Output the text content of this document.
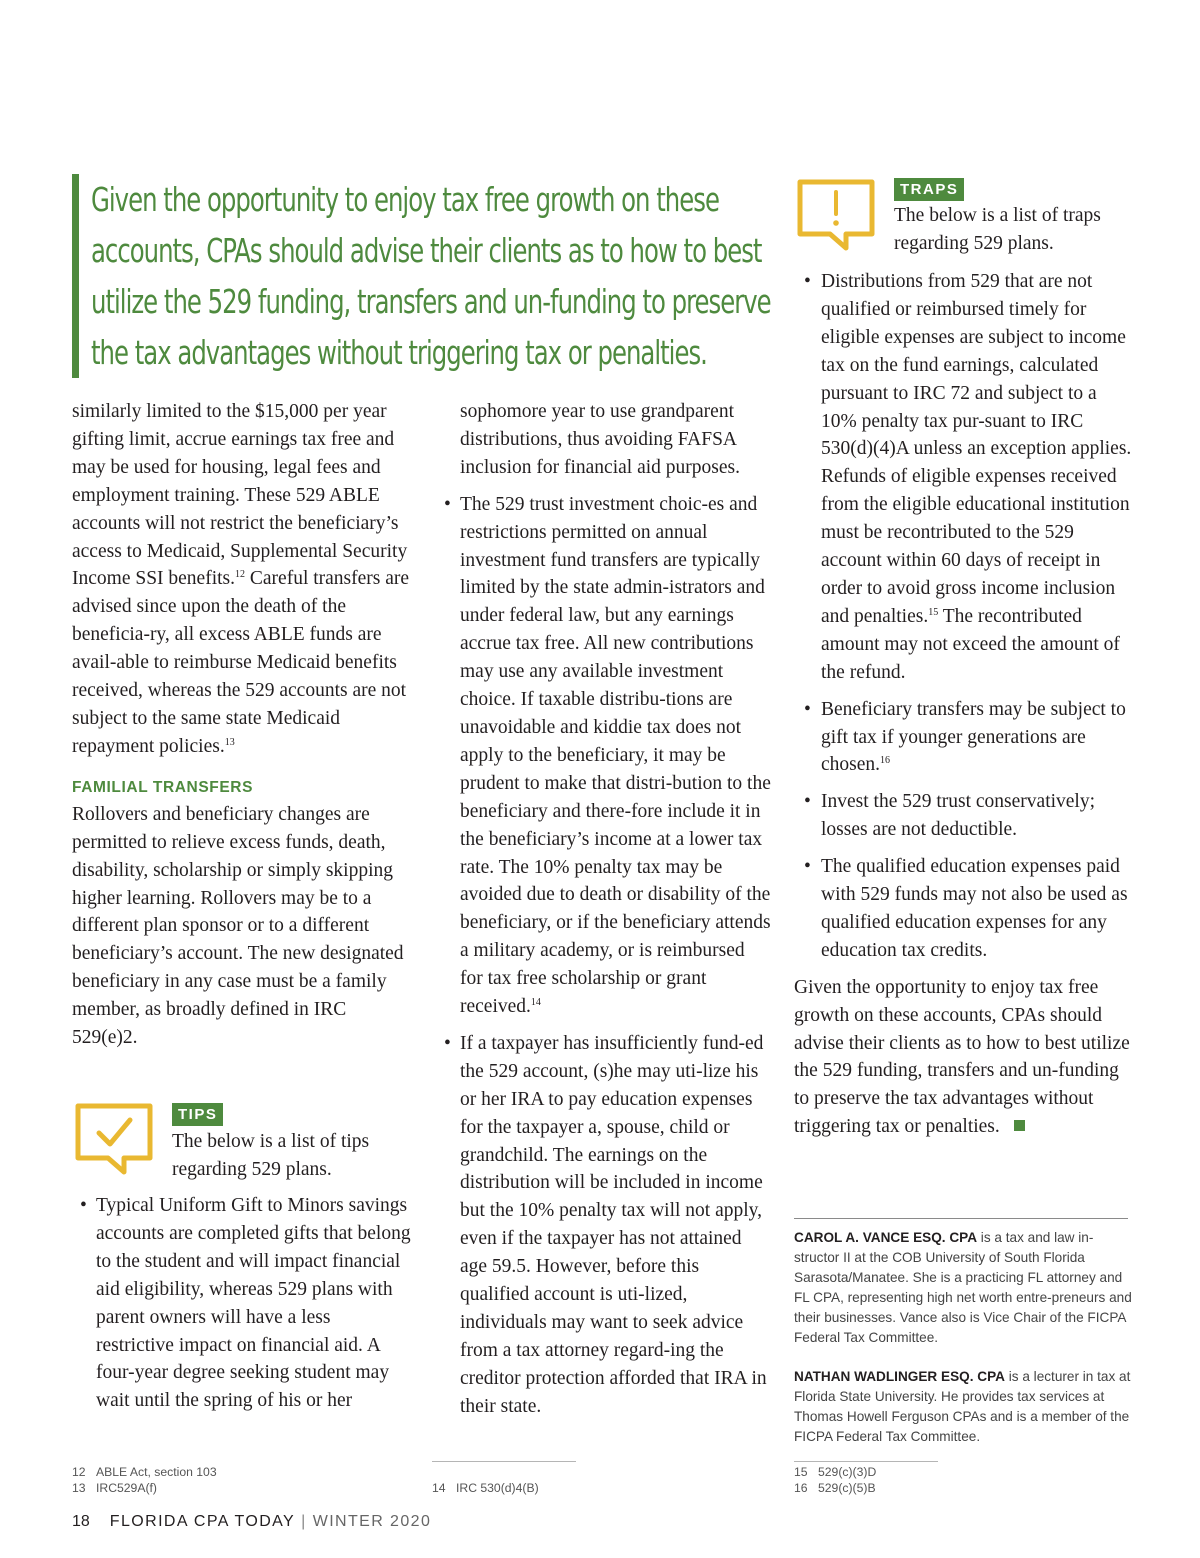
Given the opportunity to enjoy tax free growth on these accounts, CPAs should advise their clients as to how to best utilize the 529 funding, transfers and un-funding to preserve the tax advantages without triggering tax or penalties.

similarly limited to the $15,000 per year gifting limit, accrue earnings tax free and may be used for housing, legal fees and employment training. These 529 ABLE accounts will not restrict the beneficiary’s access to Medicaid, Supplemental Security Income SSI benefits.$^{12}$ Careful transfers are advised since upon the death of the beneficia-ry, all excess ABLE funds are avail-able to reimburse Medicaid benefits received, whereas the 529 accounts are not subject to the same state Medicaid repayment policies.$^{13}$

FAMILIAL TRANSFERS

Rollovers and beneficiary changes are permitted to relieve excess funds, death, disability, scholarship or simply skipping higher learning. Rollovers may be to a different plan sponsor or to a different beneficiary’s account. The new designated beneficiary in any case must be a family member, as broadly defined in IRC 529(e)2.

TIPS
The below is a list of tips regarding 529 plans.
• Typical Uniform Gift to Minors savings accounts are completed gifts that belong to the student and will impact financial aid eligibility, whereas 529 plans with parent owners will have a less restrictive impact on financial aid. A four-year degree seeking student may wait until the spring of his or her

sophomore year to use grandparent distributions, thus avoiding FAFSA inclusion for financial aid purposes.

• The 529 trust investment choic-es and restrictions permitted on annual investment fund transfers are typically limited by the state admin-istrators and under federal law, but any earnings accrue tax free. All new contributions may use any available investment choice. If taxable distribu-tions are unavoidable and kiddie tax does not apply to the beneficiary, it may be prudent to make that distri-bution to the beneficiary and there-fore include it in the beneficiary’s income at a lower tax rate. The 10% penalty tax may be avoided due to death or disability of the beneficiary, or if the beneficiary attends a military academy, or is reimbursed for tax free scholarship or grant received.$^{14}$
• If a taxpayer has insufficiently fund-ed the 529 account, (s)he may uti-lize his or her IRA to pay education expenses for the taxpayer a, spouse, child or grandchild. The earnings on the distribution will be included in income but the 10% penalty tax will not apply, even if the taxpayer has not attained age 59.5. However, before this qualified account is uti-lized, individuals may want to seek advice from a tax attorney regard-ing the creditor protection afforded that IRA in their state.
TRAPS
The below is a list of traps regarding 529 plans.
• Distributions from 529 that are not qualified or reimbursed timely for eligible expenses are subject to income tax on the fund earnings, calculated pursuant to IRC 72 and subject to a 10% penalty tax pur-suant to IRC 530(d)(4)A unless an exception applies. Refunds of eligible expenses received from the eligible educational institution must be recontributed to the 529 account within 60 days of receipt in order to avoid gross income inclusion and penalties.$^{15}$ The recontributed amount may not exceed the amount of the refund.
• Beneficiary transfers may be subject to gift tax if younger generations are chosen.$^{16}$
• Invest the 529 trust conservatively; losses are not deductible.
• The qualified education expenses paid with 529 funds may not also be used as qualified education expenses for any education tax credits.

Given the opportunity to enjoy tax free growth on these accounts, CPAs should advise their clients as to how to best utilize the 529 funding, transfers and un-funding to preserve the tax advantages without triggering tax or penalties.

CAROL A. VANCE ESQ. CPA is a tax and law in-structor II at the COB University of South Florida Sarasota/Manatee. She is a practicing FL attorney and FL CPA, representing high net worth entre-preneurs and their businesses. Vance also is Vice Chair of the FICPA Federal Tax Committee.
NATHAN WADLINGER ESQ. CPA is a lecturer in tax at Florida State University. He provides tax services at Thomas Howell Ferguson CPAs and is a member of the FICPA Federal Tax Committee.
12 ABLE Act, section 103
13 IRC529A(f)	14 IRC 530(d)4(B)
15 529(c)(3)D
16 529(c)(5)B
18 FLORIDA CPA TODAY | WINTER 2020
